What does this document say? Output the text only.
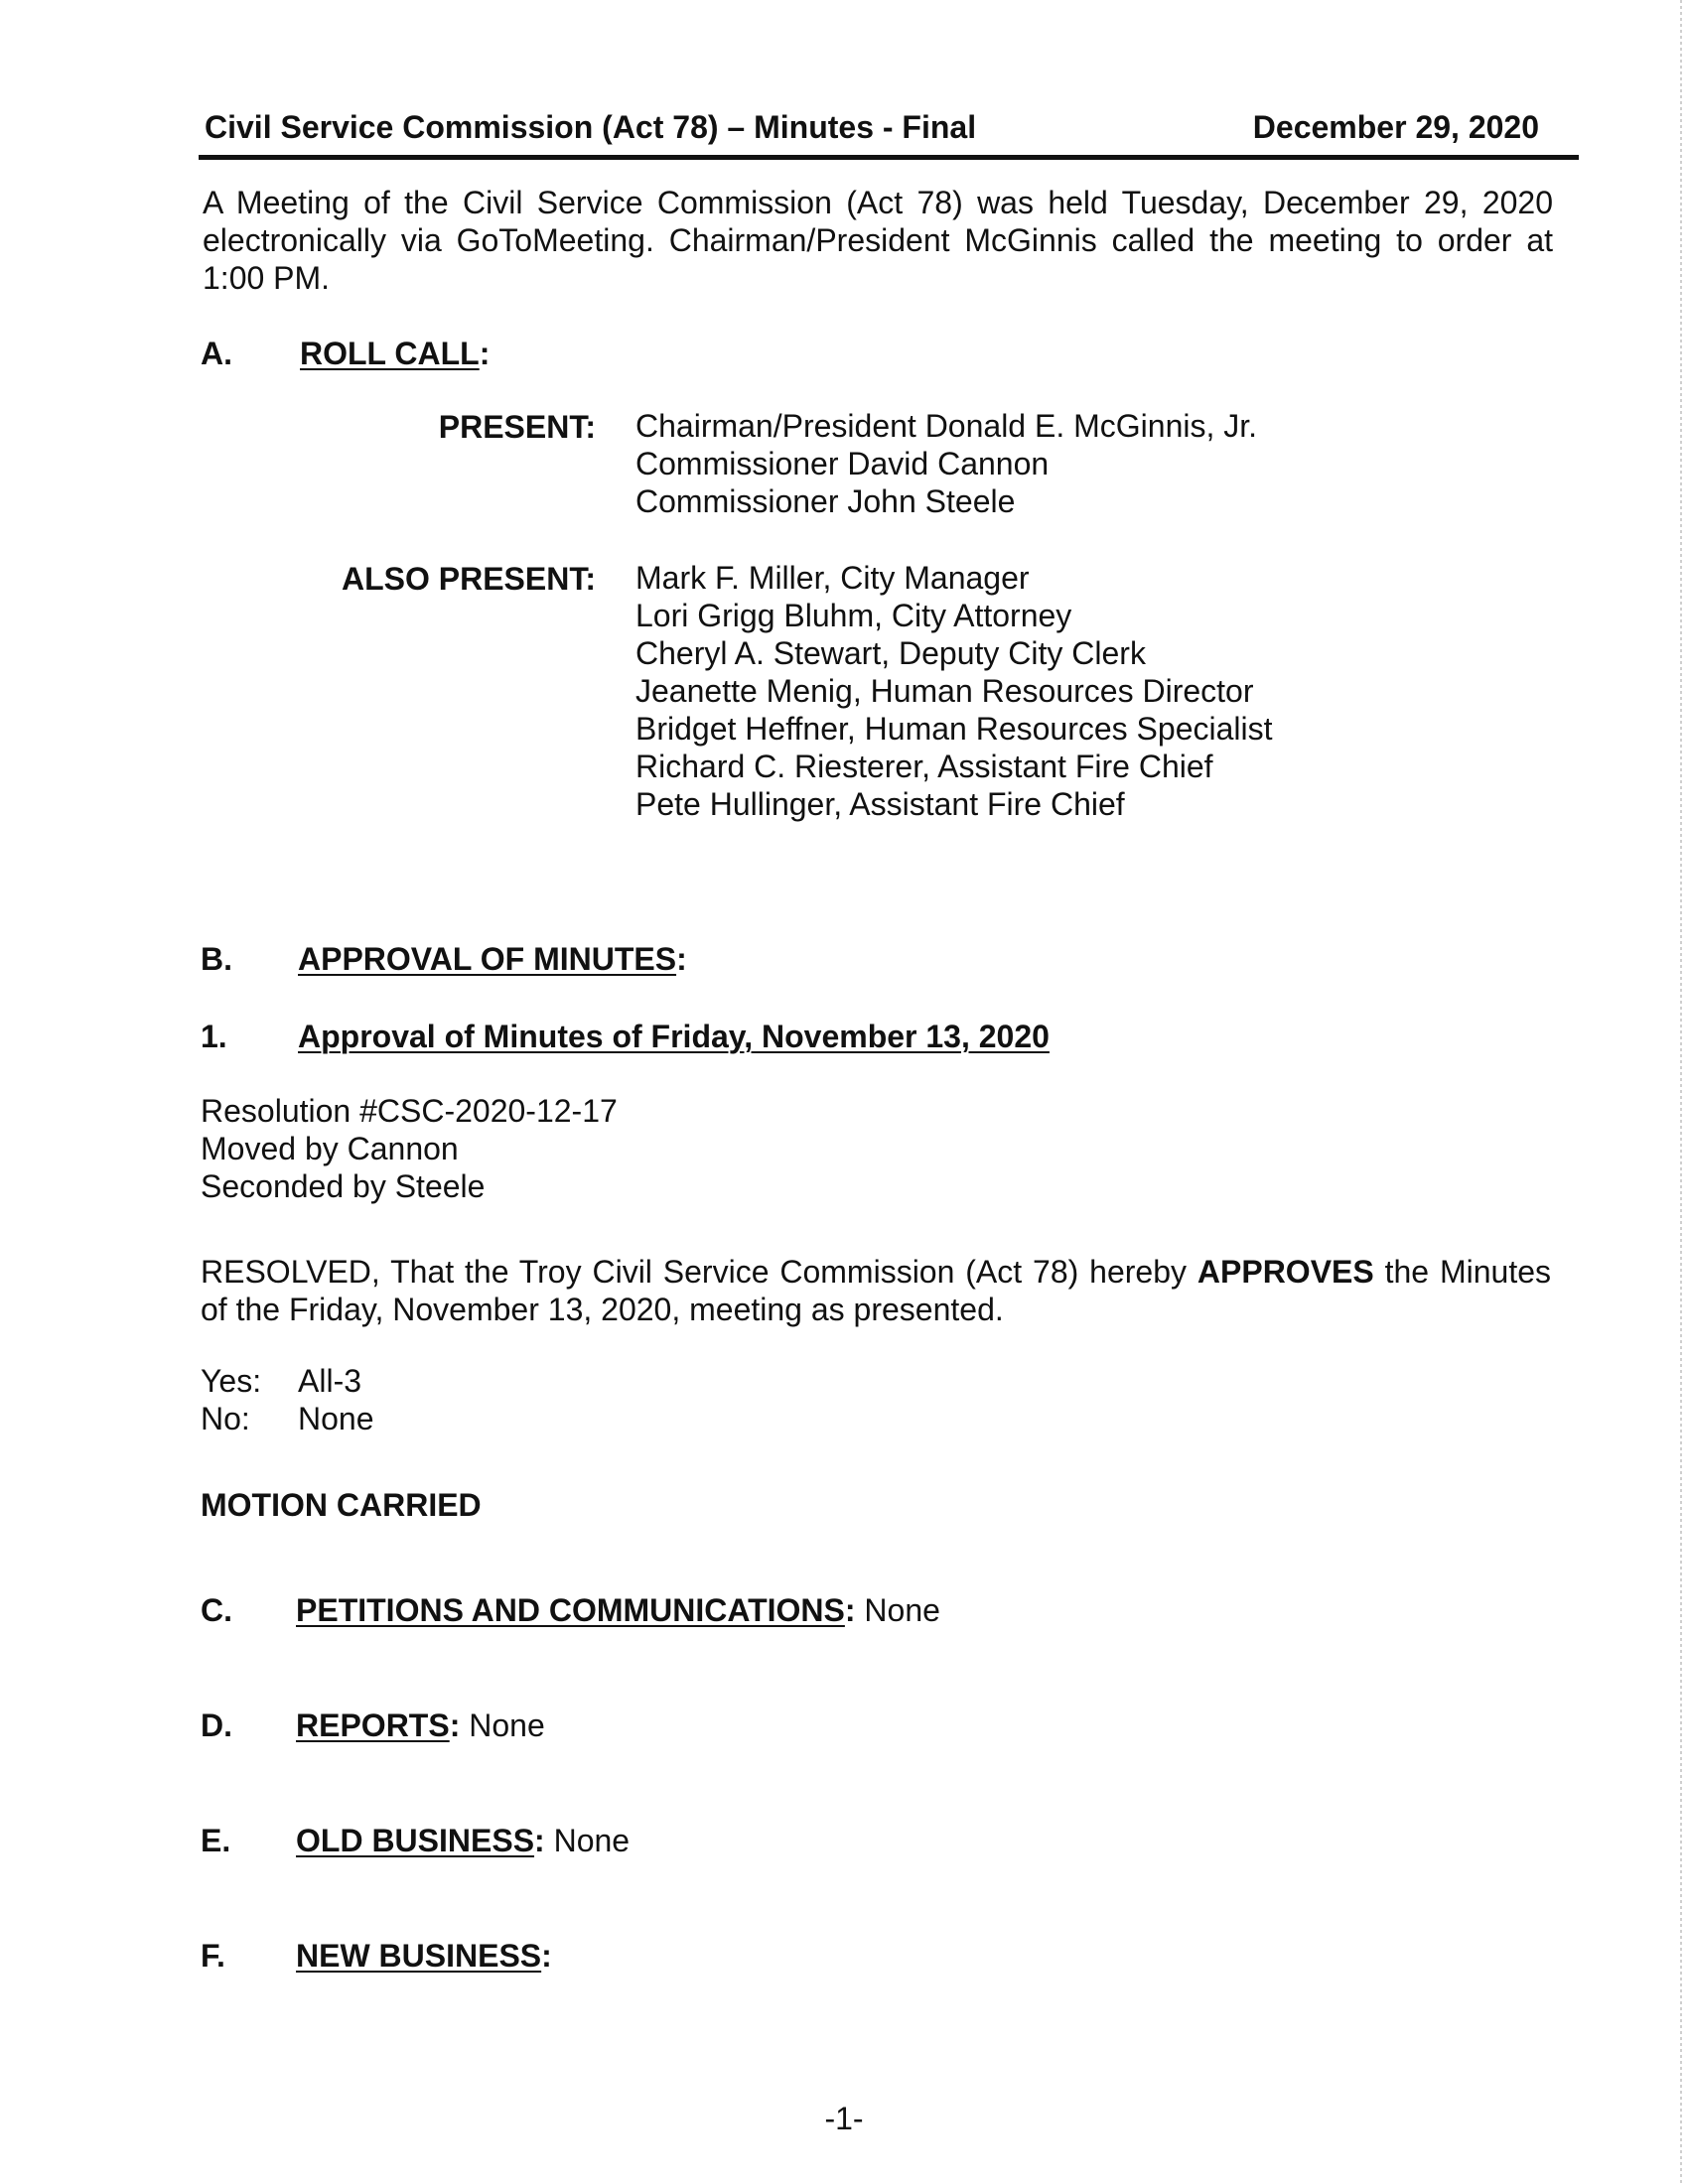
Civil Service Commission (Act 78) – Minutes - Final	December 29, 2020
A Meeting of the Civil Service Commission (Act 78) was held Tuesday, December 29, 2020 electronically via GoToMeeting. Chairman/President McGinnis called the meeting to order at 1:00 PM.
A. ROLL CALL:
PRESENT: Chairman/President Donald E. McGinnis, Jr.
Commissioner David Cannon
Commissioner John Steele
ALSO PRESENT: Mark F. Miller, City Manager
Lori Grigg Bluhm, City Attorney
Cheryl A. Stewart, Deputy City Clerk
Jeanette Menig, Human Resources Director
Bridget Heffner, Human Resources Specialist
Richard C. Riesterer, Assistant Fire Chief
Pete Hullinger, Assistant Fire Chief
B. APPROVAL OF MINUTES:
1. Approval of Minutes of Friday, November 13, 2020
Resolution #CSC-2020-12-17
Moved by Cannon
Seconded by Steele
RESOLVED, That the Troy Civil Service Commission (Act 78) hereby APPROVES the Minutes of the Friday, November 13, 2020, meeting as presented.
Yes: All-3
No: None
MOTION CARRIED
C. PETITIONS AND COMMUNICATIONS: None
D. REPORTS: None
E. OLD BUSINESS: None
F. NEW BUSINESS:
-1-
